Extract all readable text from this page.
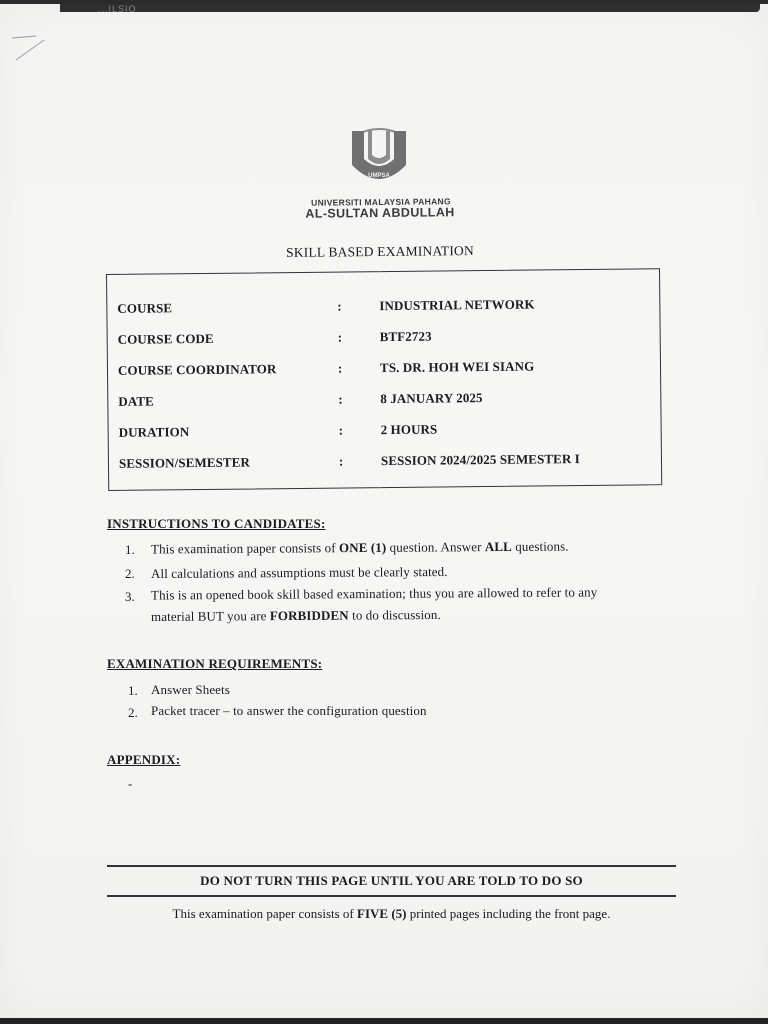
...ILSIO
UMPSA
UNIVERSITI MALAYSIA PAHANG
AL-SULTAN ABDULLAH
SKILL BASED EXAMINATION
COURSE	:	INDUSTRIAL NETWORK
COURSE CODE	:	BTF2723
COURSE COORDINATOR	:	TS. DR. HOH WEI SIANG
DATE	:	8 JANUARY 2025
DURATION	:	2 HOURS
SESSION/SEMESTER	:	SESSION 2024/2025 SEMESTER I
INSTRUCTIONS TO CANDIDATES:
1. This examination paper consists of ONE (1) question. Answer ALL questions.
2. All calculations and assumptions must be clearly stated.
3. This is an opened book skill based examination; thus you are allowed to refer to any
material BUT you are FORBIDDEN to do discussion.
EXAMINATION REQUIREMENTS:
1. Answer Sheets
2. Packet tracer – to answer the configuration question
APPENDIX:
-
DO NOT TURN THIS PAGE UNTIL YOU ARE TOLD TO DO SO
This examination paper consists of FIVE (5) printed pages including the front page.
